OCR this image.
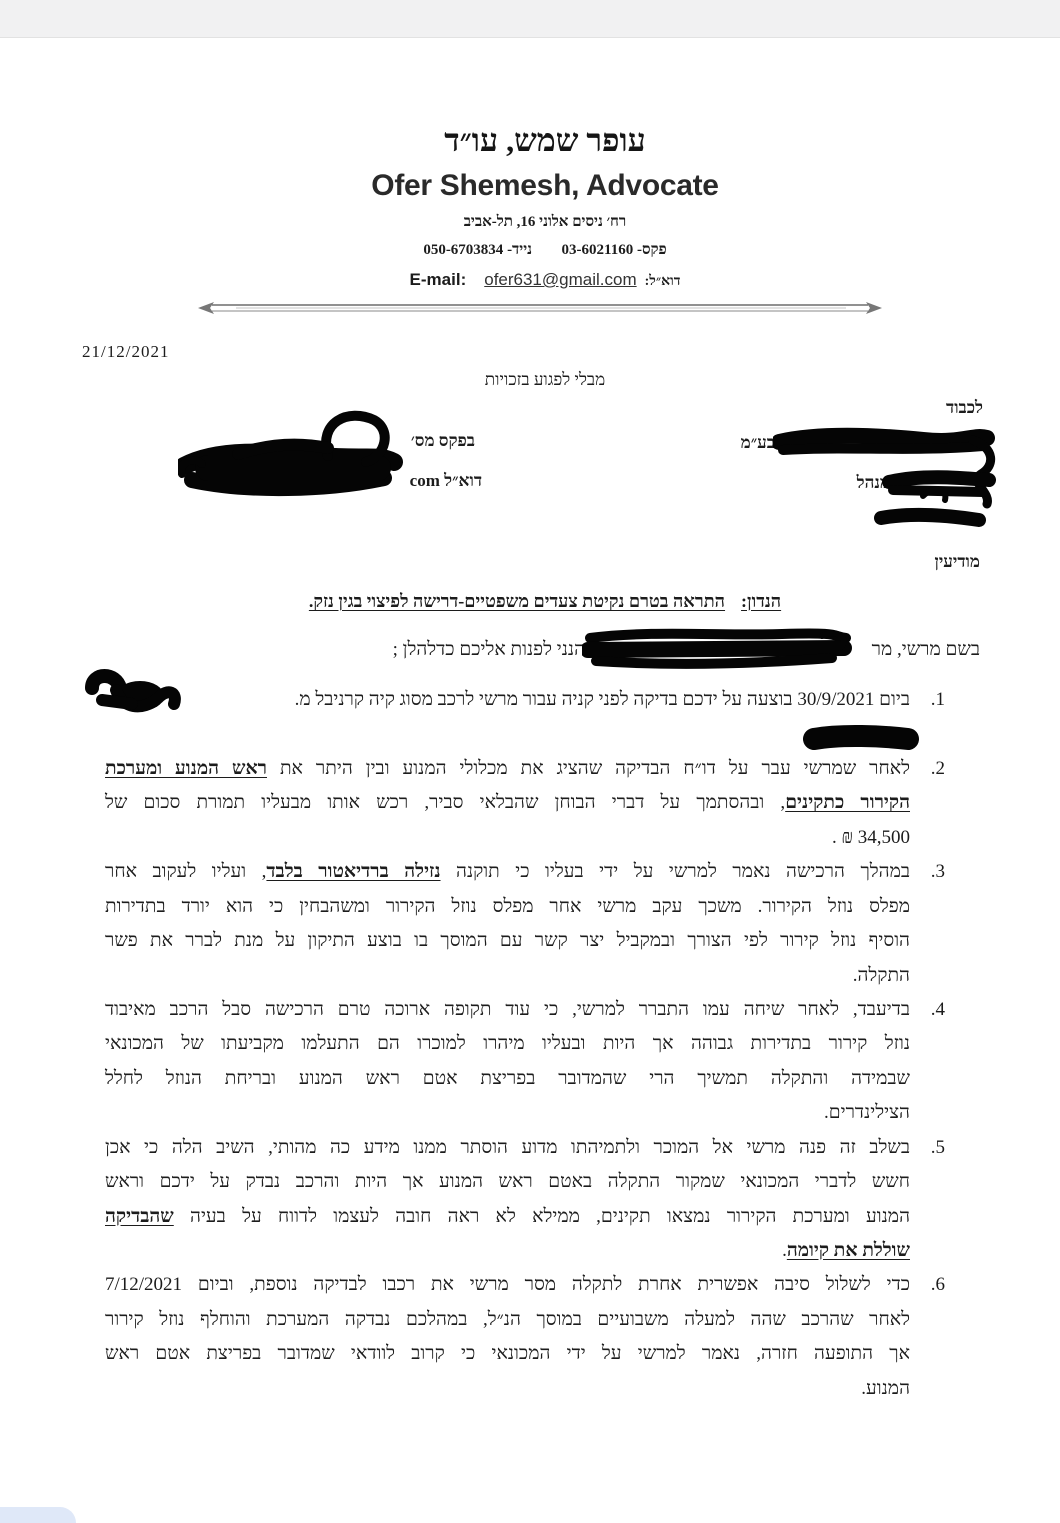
עופר שמש, עו״ד
Ofer Shemesh, Advocate
רח׳ ניסים אלוני 16, תל-אביב
פקס- 03-6021160  נייד- 050-6703834
דוא״ל:
ofer631@gmail.com
E-mail:
21/12/2021
מבלי לפגוע בזכויות
לכבוד
בע״מ
מנהל
בפקס מס׳
דוא״ל com
מודיעין
הנדון:התראה בטרם נקיטת צעדים משפטיים-דרישה לפיצוי בגין נזק.
בשם מרשי, מר
הנני לפנות אליכם כדלהלן ;
1.
ביום 30/9/2021 בוצעה על ידכם בדיקה לפני קניה עבור מרשי לרכב מסוג קיה קרניבל מ.
2.
לאחר שמרשי עבר על דו״ח הבדיקה שהציג את מכלולי המנוע ובין היתר את ראש המנוע ומערכת
הקירור כתקינים, ובהסתמך על דברי הבוחן שהבלאי סביר, רכש אותו מבעליו תמורת סכום של
34,500 ₪ .
3.
במהלך הרכישה נאמר למרשי על ידי בעליו כי תוקנה נזילה ברדיאטור בלבד, ועליו לעקוב אחר
מפלס נוזל הקירור. משכך עקב מרשי אחר מפלס נוזל הקירור ומשהבחין כי הוא יורד בתדירות
הוסיף נוזל קירור לפי הצורך ובמקביל יצר קשר עם המוסך בו בוצע התיקון על מנת לברר את פשר
התקלה.
4.
בדיעבד, לאחר שיחה עמו התברר למרשי, כי עוד תקופה ארוכה טרם הרכישה סבל הרכב מאיבוד
נוזל קירור בתדירות גבוהה אך היות ובעליו מיהרו למוכרו הם התעלמו מקביעתו של המכונאי
שבמידה והתקלה תמשיך הרי שהמדובר בפריצת אטם ראש המנוע ובריחת הנוזל לחלל
הצילינדרים.
5.
בשלב זה פנה מרשי אל המוכר ולתמיהתו מדוע הוסתר ממנו מידע כה מהותי, השיב הלה כי אכן
חשש לדברי המכונאי שמקור התקלה באטם ראש המנוע אך היות והרכב נבדק על ידכם וראש
המנוע ומערכת הקירור נמצאו תקינים, ממילא לא ראה חובה לעצמו לדווח על בעיה שהבדיקה
שוללת את קיומה.
6.
כדי לשלול סיבה אפשרית אחרת לתקלה מסר מרשי את רכבו לבדיקה נוספת, וביום 7/12/2021
לאחר שהרכב שהה למעלה משבועיים במוסך הנ״ל, במהלכם נבדקה המערכת והוחלף נוזל קירור
אך התופעה חזרה, נאמר למרשי על ידי המכונאי כי קרוב לוודאי שמדובר בפריצת אטם ראש
המנוע.
